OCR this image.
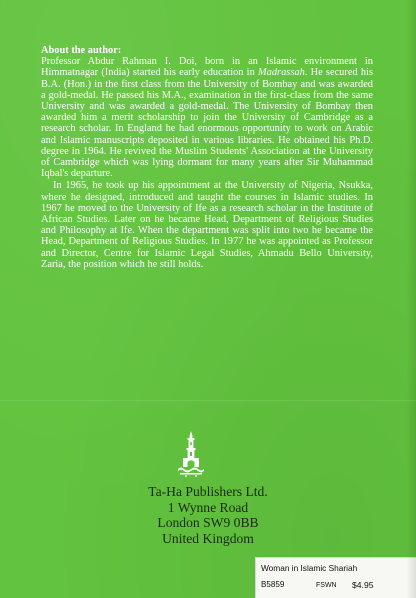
About the author:

Professor Abdur Rahman I. Doi, born in an Islamic environment in Himmatnagar (India) started his early education in Madrassah. He secured his B.A. (Hon.) in the first class from the University of Bombay and was awarded a gold-medal. He passed his M.A., examination in the first-class from the same University and was awarded a gold-medal. The University of Bombay then awarded him a merit scholarship to join the University of Cambridge as a research scholar. In England he had enormous opportunity to work on Arabic and Islamic manuscripts deposited in various libraries. He obtained his Ph.D. degree in 1964. He revived the Muslim Students' Association at the University of Cambridge which was lying dormant for many years after Sir Muhammad Iqbal's departure.

In 1965, he took up his appointment at the University of Nigeria, Nsukka, where he designed, introduced and taught the courses in Islamic studies. In 1967 he moved to the University of Ife as a research scholar in the Institute of African Studies. Later on he became Head, Department of Religious Studies and Philosophy at Ife. When the department was split into two he became the Head, Department of Religious Studies. In 1977 he was appointed as Professor and Director, Centre for Islamic Legal Studies, Ahmadu Bello University, Zaria, the position which he still holds.

Ta-Ha Publishers Ltd.
1 Wynne Road
London SW9 0BB
United Kingdom
Woman in Islamic Shariah
B5859	FSWN $4.95
